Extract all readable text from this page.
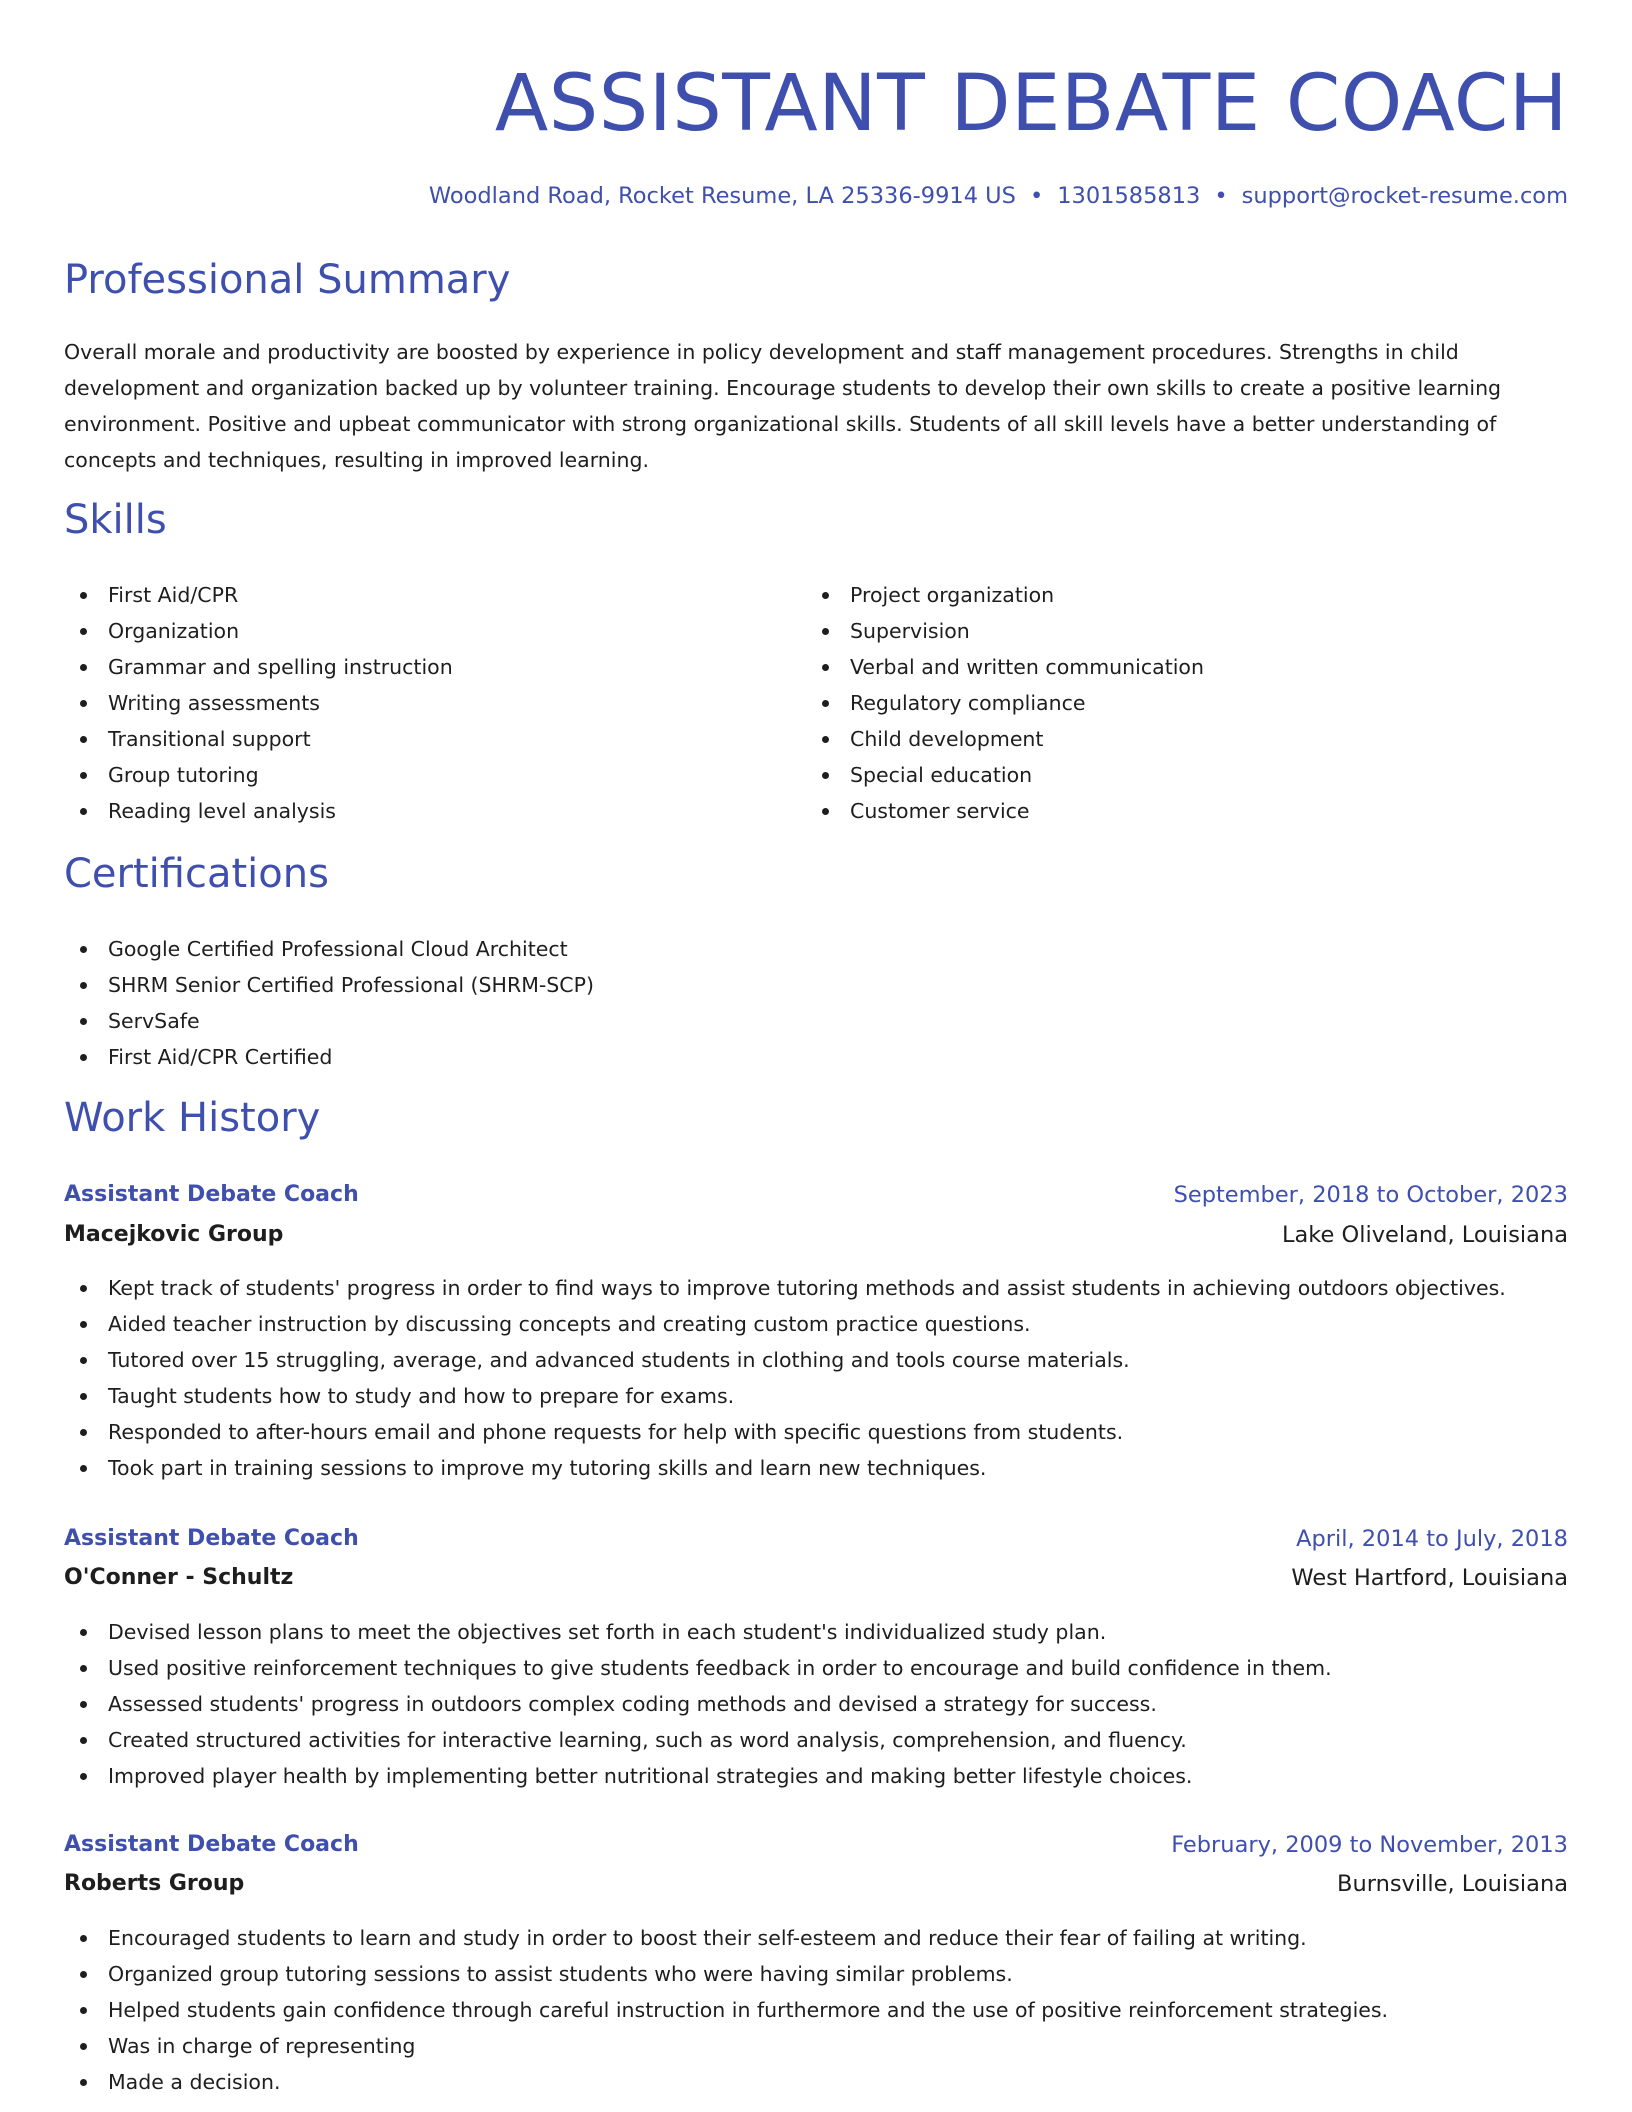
ASSISTANT DEBATE COACH
Woodland Road, Rocket Resume, LA 25336-9914 US • 1301585813 • support@rocket-resume.com
Professional Summary

Overall morale and productivity are boosted by experience in policy development and staff management procedures. Strengths in child development and organization backed up by volunteer training. Encourage students to develop their own skills to create a positive learning environment. Positive and upbeat communicator with strong organizational skills. Students of all skill levels have a better understanding of concepts and techniques, resulting in improved learning.

Skills
First Aid/CPR
Organization
Grammar and spelling instruction
Writing assessments
Transitional support
Group tutoring
Reading level analysis
Project organization
Supervision
Verbal and written communication
Regulatory compliance
Child development
Special education
Customer service
Certifications
Google Certified Professional Cloud Architect
SHRM Senior Certified Professional (SHRM-SCP)
ServSafe
First Aid/CPR Certified
Work History
Assistant Debate Coach	September, 2018 to October, 2023
Macejkovic Group	Lake Oliveland, Louisiana
Kept track of students' progress in order to find ways to improve tutoring methods and assist students in achieving outdoors objectives.
Aided teacher instruction by discussing concepts and creating custom practice questions.
Tutored over 15 struggling, average, and advanced students in clothing and tools course materials.
Taught students how to study and how to prepare for exams.
Responded to after-hours email and phone requests for help with specific questions from students.
Took part in training sessions to improve my tutoring skills and learn new techniques.
Assistant Debate Coach	April, 2014 to July, 2018
O'Conner - Schultz	West Hartford, Louisiana
Devised lesson plans to meet the objectives set forth in each student's individualized study plan.
Used positive reinforcement techniques to give students feedback in order to encourage and build confidence in them.
Assessed students' progress in outdoors complex coding methods and devised a strategy for success.
Created structured activities for interactive learning, such as word analysis, comprehension, and fluency.
Improved player health by implementing better nutritional strategies and making better lifestyle choices.
Assistant Debate Coach	February, 2009 to November, 2013
Roberts Group	Burnsville, Louisiana
Encouraged students to learn and study in order to boost their self-esteem and reduce their fear of failing at writing.
Organized group tutoring sessions to assist students who were having similar problems.
Helped students gain confidence through careful instruction in furthermore and the use of positive reinforcement strategies.
Was in charge of representing
Made a decision.
